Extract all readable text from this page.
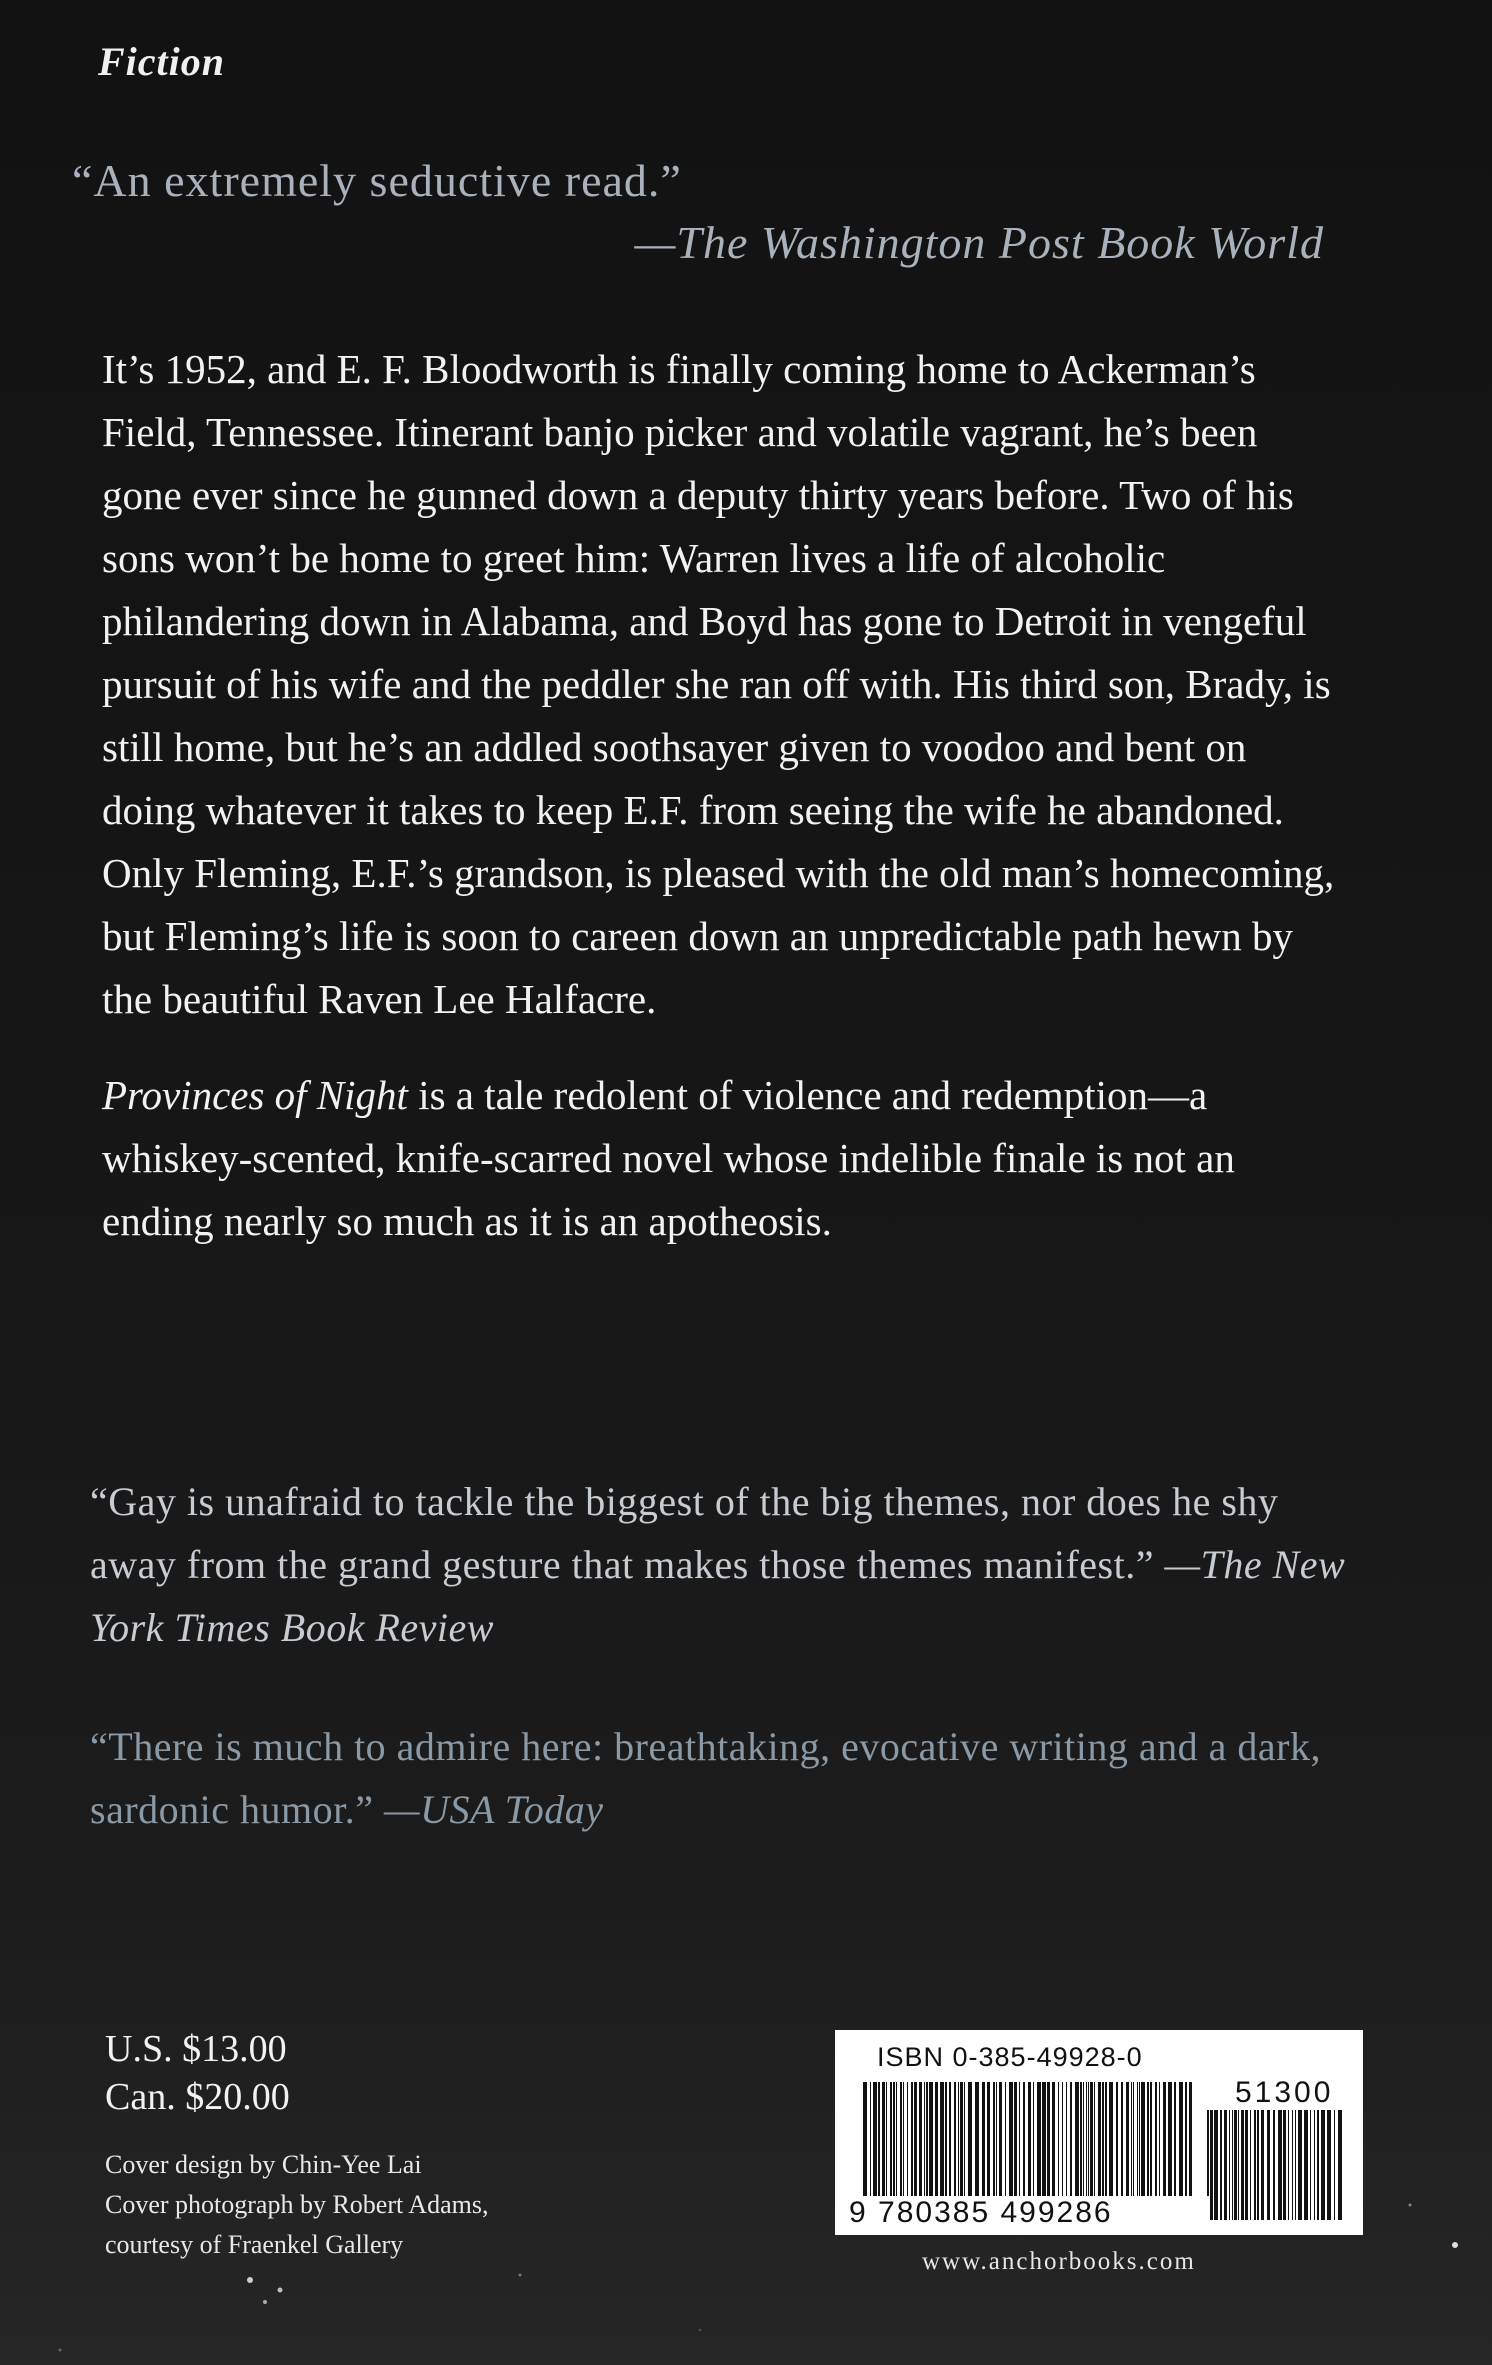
Fiction
“An extremely seductive read.”
—The Washington Post Book World

It’s 1952, and E. F. Bloodworth is finally coming home to Ackerman’s Field, Tennessee. Itinerant banjo picker and volatile vagrant, he’s been gone ever since he gunned down a deputy thirty years before. Two of his sons won’t be home to greet him: Warren lives a life of alcoholic philandering down in Alabama, and Boyd has gone to Detroit in vengeful pursuit of his wife and the peddler she ran off with. His third son, Brady, is still home, but he’s an addled soothsayer given to voodoo and bent on doing whatever it takes to keep E.F. from seeing the wife he abandoned. Only Fleming, E.F.’s grandson, is pleased with the old man’s homecoming, but Fleming’s life is soon to careen down an unpredictable path hewn by the beautiful Raven Lee Halfacre.

Provinces of Night is a tale redolent of violence and redemption—a whiskey-scented, knife-scarred novel whose indelible finale is not an ending nearly so much as it is an apotheosis.

“Gay is unafraid to tackle the biggest of the big themes, nor does he shy away from the grand gesture that makes those themes manifest.” —The New York Times Book Review
“There is much to admire here: breathtaking, evocative writing and a dark, sardonic humor.” —USA Today
U.S. $13.00
Can. $20.00
Cover design by Chin-Yee Lai
Cover photograph by Robert Adams,
courtesy of Fraenkel Gallery
ISBN 0-385-49928-0
51300
9 780385 499286
www.anchorbooks.com
